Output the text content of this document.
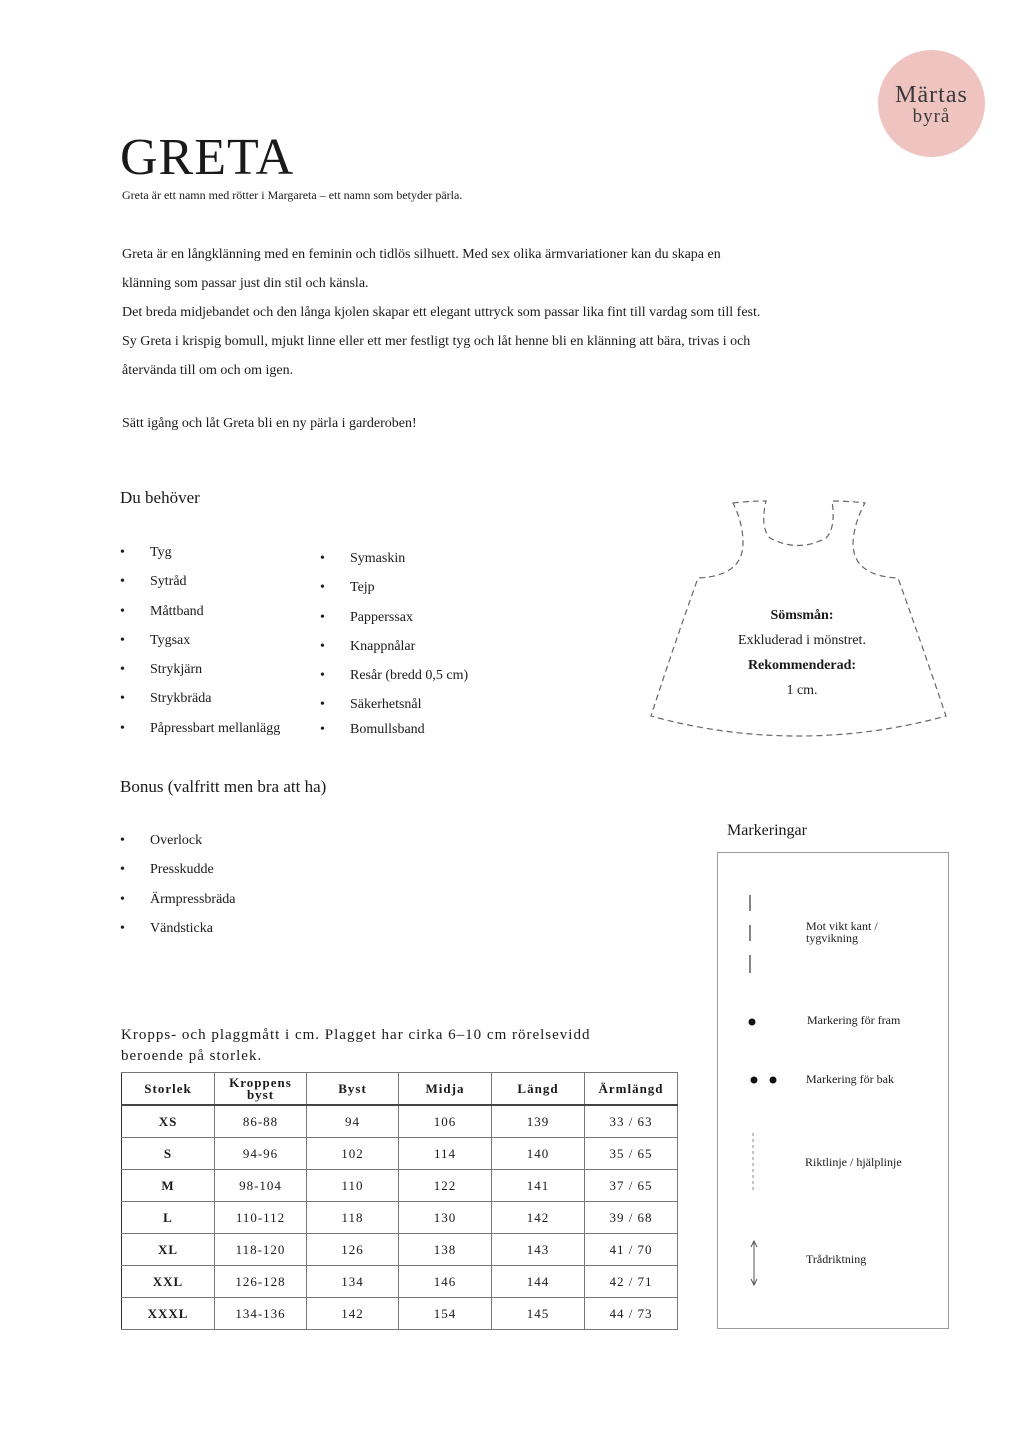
Märtas
byrå
GRETA
Greta är ett namn med rötter i Margareta – ett namn som betyder pärla.

Greta är en långklänning med en feminin och tidlös silhuett. Med sex olika ärmvariationer kan du skapa en

klänning som passar just din stil och känsla.

Det breda midjebandet och den långa kjolen skapar ett elegant uttryck som passar lika fint till vardag som till fest.

Sy Greta i krispig bomull, mjukt linne eller ett mer festligt tyg och låt henne bli en klänning att bära, trivas i och

återvända till om och om igen.

Sätt igång och låt Greta bli en ny pärla i garderoben!

Du behöver
• Tyg
• Sytråd
• Måttband
• Tygsax
• Strykjärn
• Strykbräda
• Påpressbart mellanlägg
• Symaskin
• Tejp
• Papperssax
• Knappnålar
• Resår (bredd 0,5 cm)
• Säkerhetsnål
• Bomullsband
Sömsmån:
Exkluderad i mönstret.
Rekommenderad:
1 cm.
Bonus (valfritt men bra att ha)
• Overlock
• Presskudde
• Ärmpressbräda
• Vändsticka
Markeringar
Mot vikt kant /
tygvikning
Markering för fram
Markering för bak
Riktlinje / hjälplinje
Trådriktning
Kropps- och plaggmått i cm. Plagget har cirka 6–10 cm rörelsevidd
beroende på storlek.
Storlek	Kroppens byst	Byst	Midja	Längd	Ärmlängd
XS	86-88	94	106	139	33 / 63
S	94-96	102	114	140	35 / 65
M	98-104	110	122	141	37 / 65
L	110-112	118	130	142	39 / 68
XL	118-120	126	138	143	41 / 70
XXL	126-128	134	146	144	42 / 71
XXXL	134-136	142	154	145	44 / 73
